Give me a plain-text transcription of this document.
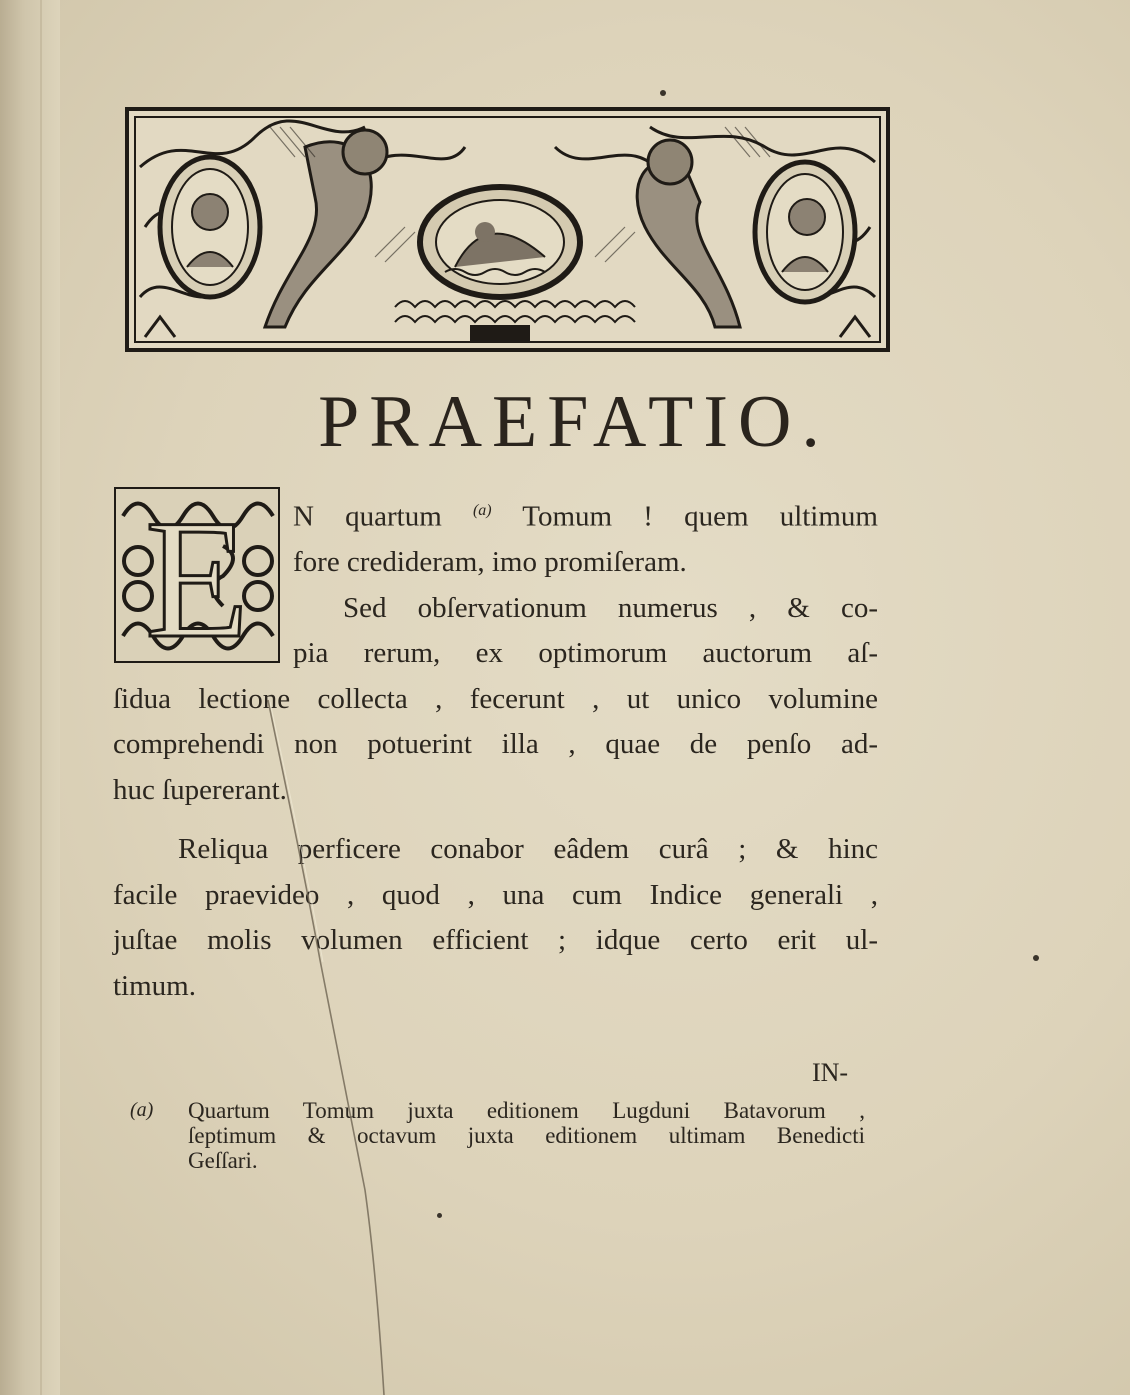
PRAEFATIO.
E	N quartum $^{(a)}$ Tomum ! quem ultimum
fore credideram, imo promiſeram.
Sed obſervationum numerus , & co-
pia rerum, ex optimorum auctorum aſ-
ſidua lectione collecta , fecerunt , ut unico volumine
comprehendi non potuerint illa , quae de penſo ad-
huc ſupererant.
Reliqua perficere conabor eâdem curâ ; & hinc
facile praevideo , quod , una cum Indice generali ,
juſtae molis volumen efficient ; idque certo erit ul-
timum.
IN-
(a) Quartum Tomum juxta editionem Lugduni Batavorum ,
ſeptimum & octavum juxta editionem ultimam Benedicti
Geſſari.
